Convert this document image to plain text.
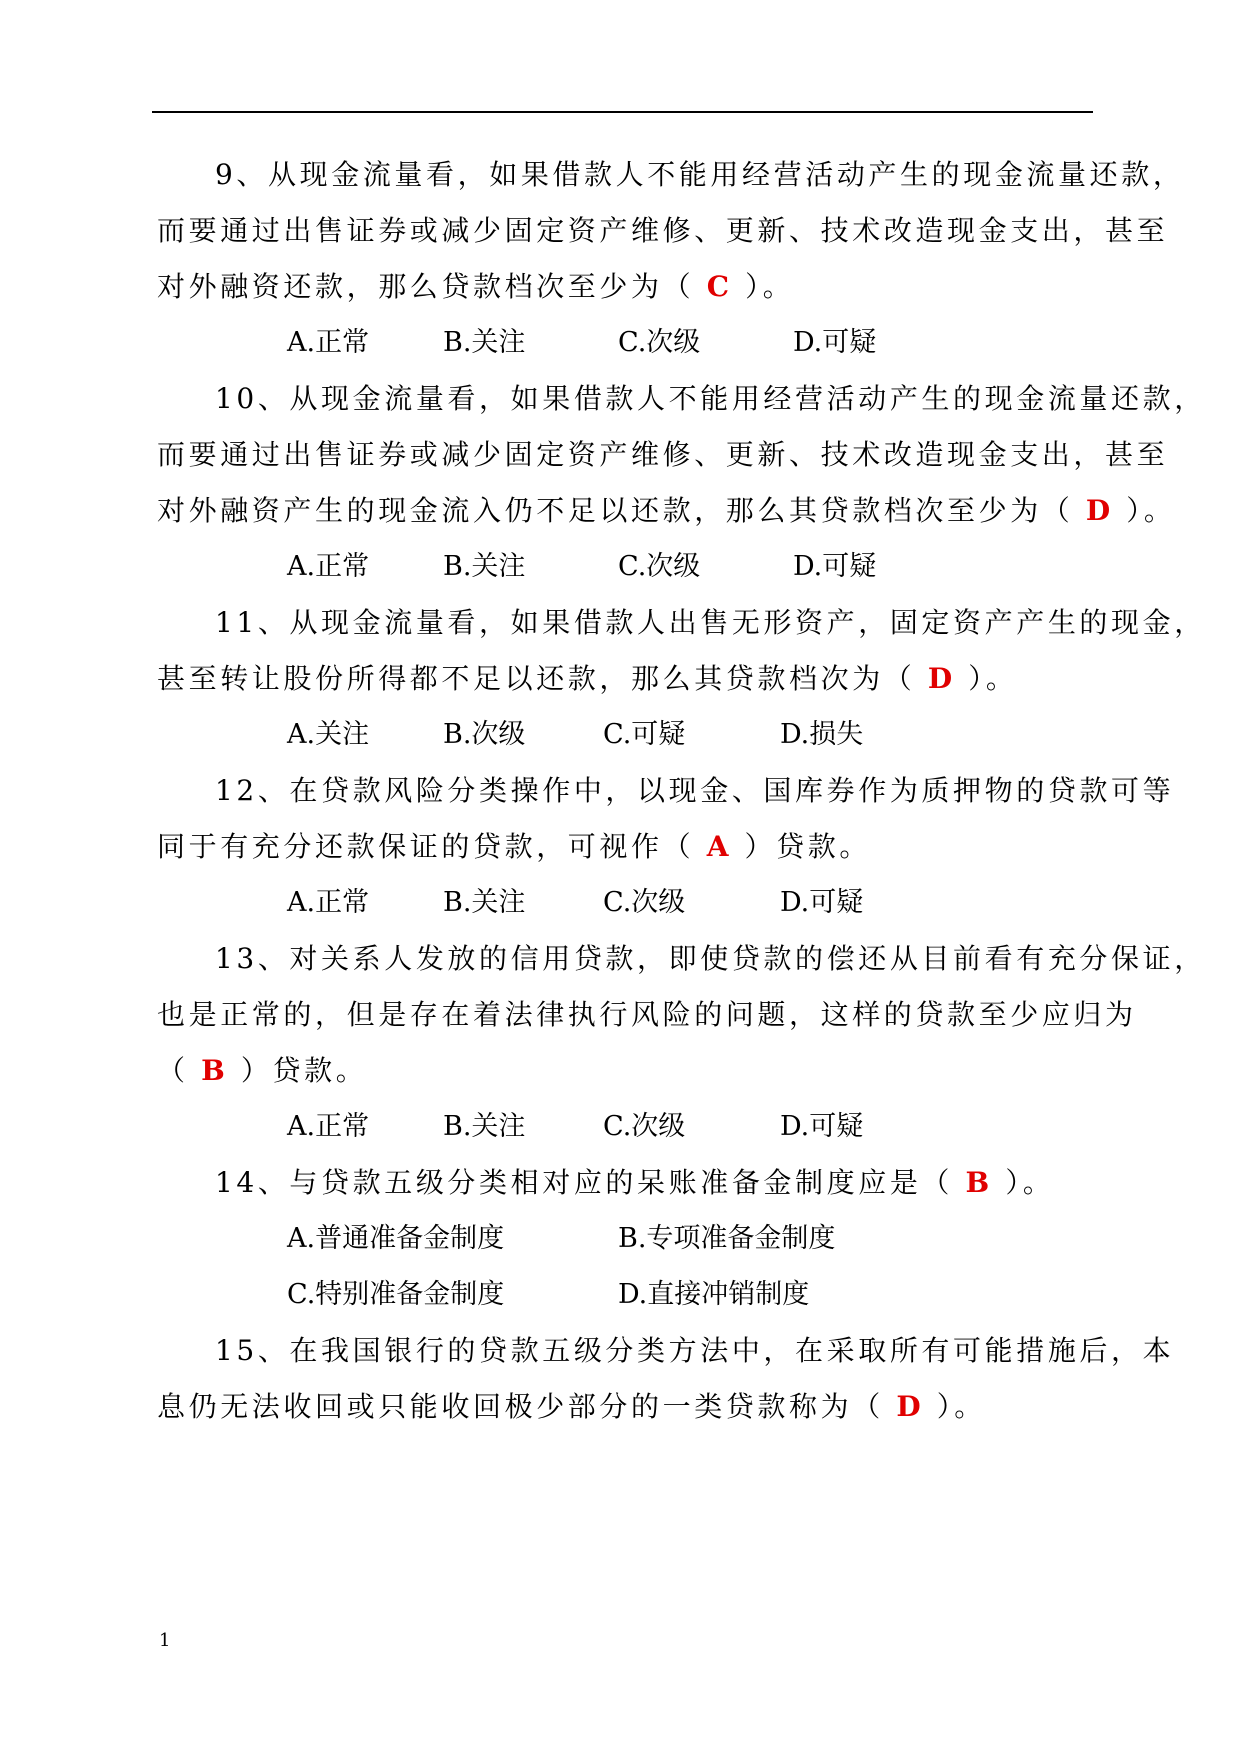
9、从现金流量看，如果借款人不能用经营活动产生的现金流量还款，
而要通过出售证券或减少固定资产维修、更新、技术改造现金支出，甚至
对外融资还款，那么贷款档次至少为（ C ）。
A.正常	B.关注	C.次级	D.可疑
10、从现金流量看，如果借款人不能用经营活动产生的现金流量还款，
而要通过出售证券或减少固定资产维修、更新、技术改造现金支出，甚至
对外融资产生的现金流入仍不足以还款，那么其贷款档次至少为（ D ）。
A.正常	B.关注	C.次级	D.可疑
11、从现金流量看，如果借款人出售无形资产，固定资产产生的现金，
甚至转让股份所得都不足以还款，那么其贷款档次为（ D ）。
A.关注	B.次级	C.可疑	D.损失
12、在贷款风险分类操作中，以现金、国库券作为质押物的贷款可等
同于有充分还款保证的贷款，可视作（ A ）贷款。
A.正常	B.关注	C.次级	D.可疑
13、对关系人发放的信用贷款，即使贷款的偿还从目前看有充分保证，
也是正常的，但是存在着法律执行风险的问题，这样的贷款至少应归为
（ B ）贷款。
A.正常	B.关注	C.次级	D.可疑
14、与贷款五级分类相对应的呆账准备金制度应是（ B ）。
A.普通准备金制度	B.专项准备金制度
C.特别准备金制度	D.直接冲销制度
15、在我国银行的贷款五级分类方法中，在采取所有可能措施后，本
息仍无法收回或只能收回极少部分的一类贷款称为（ D ）。
1
